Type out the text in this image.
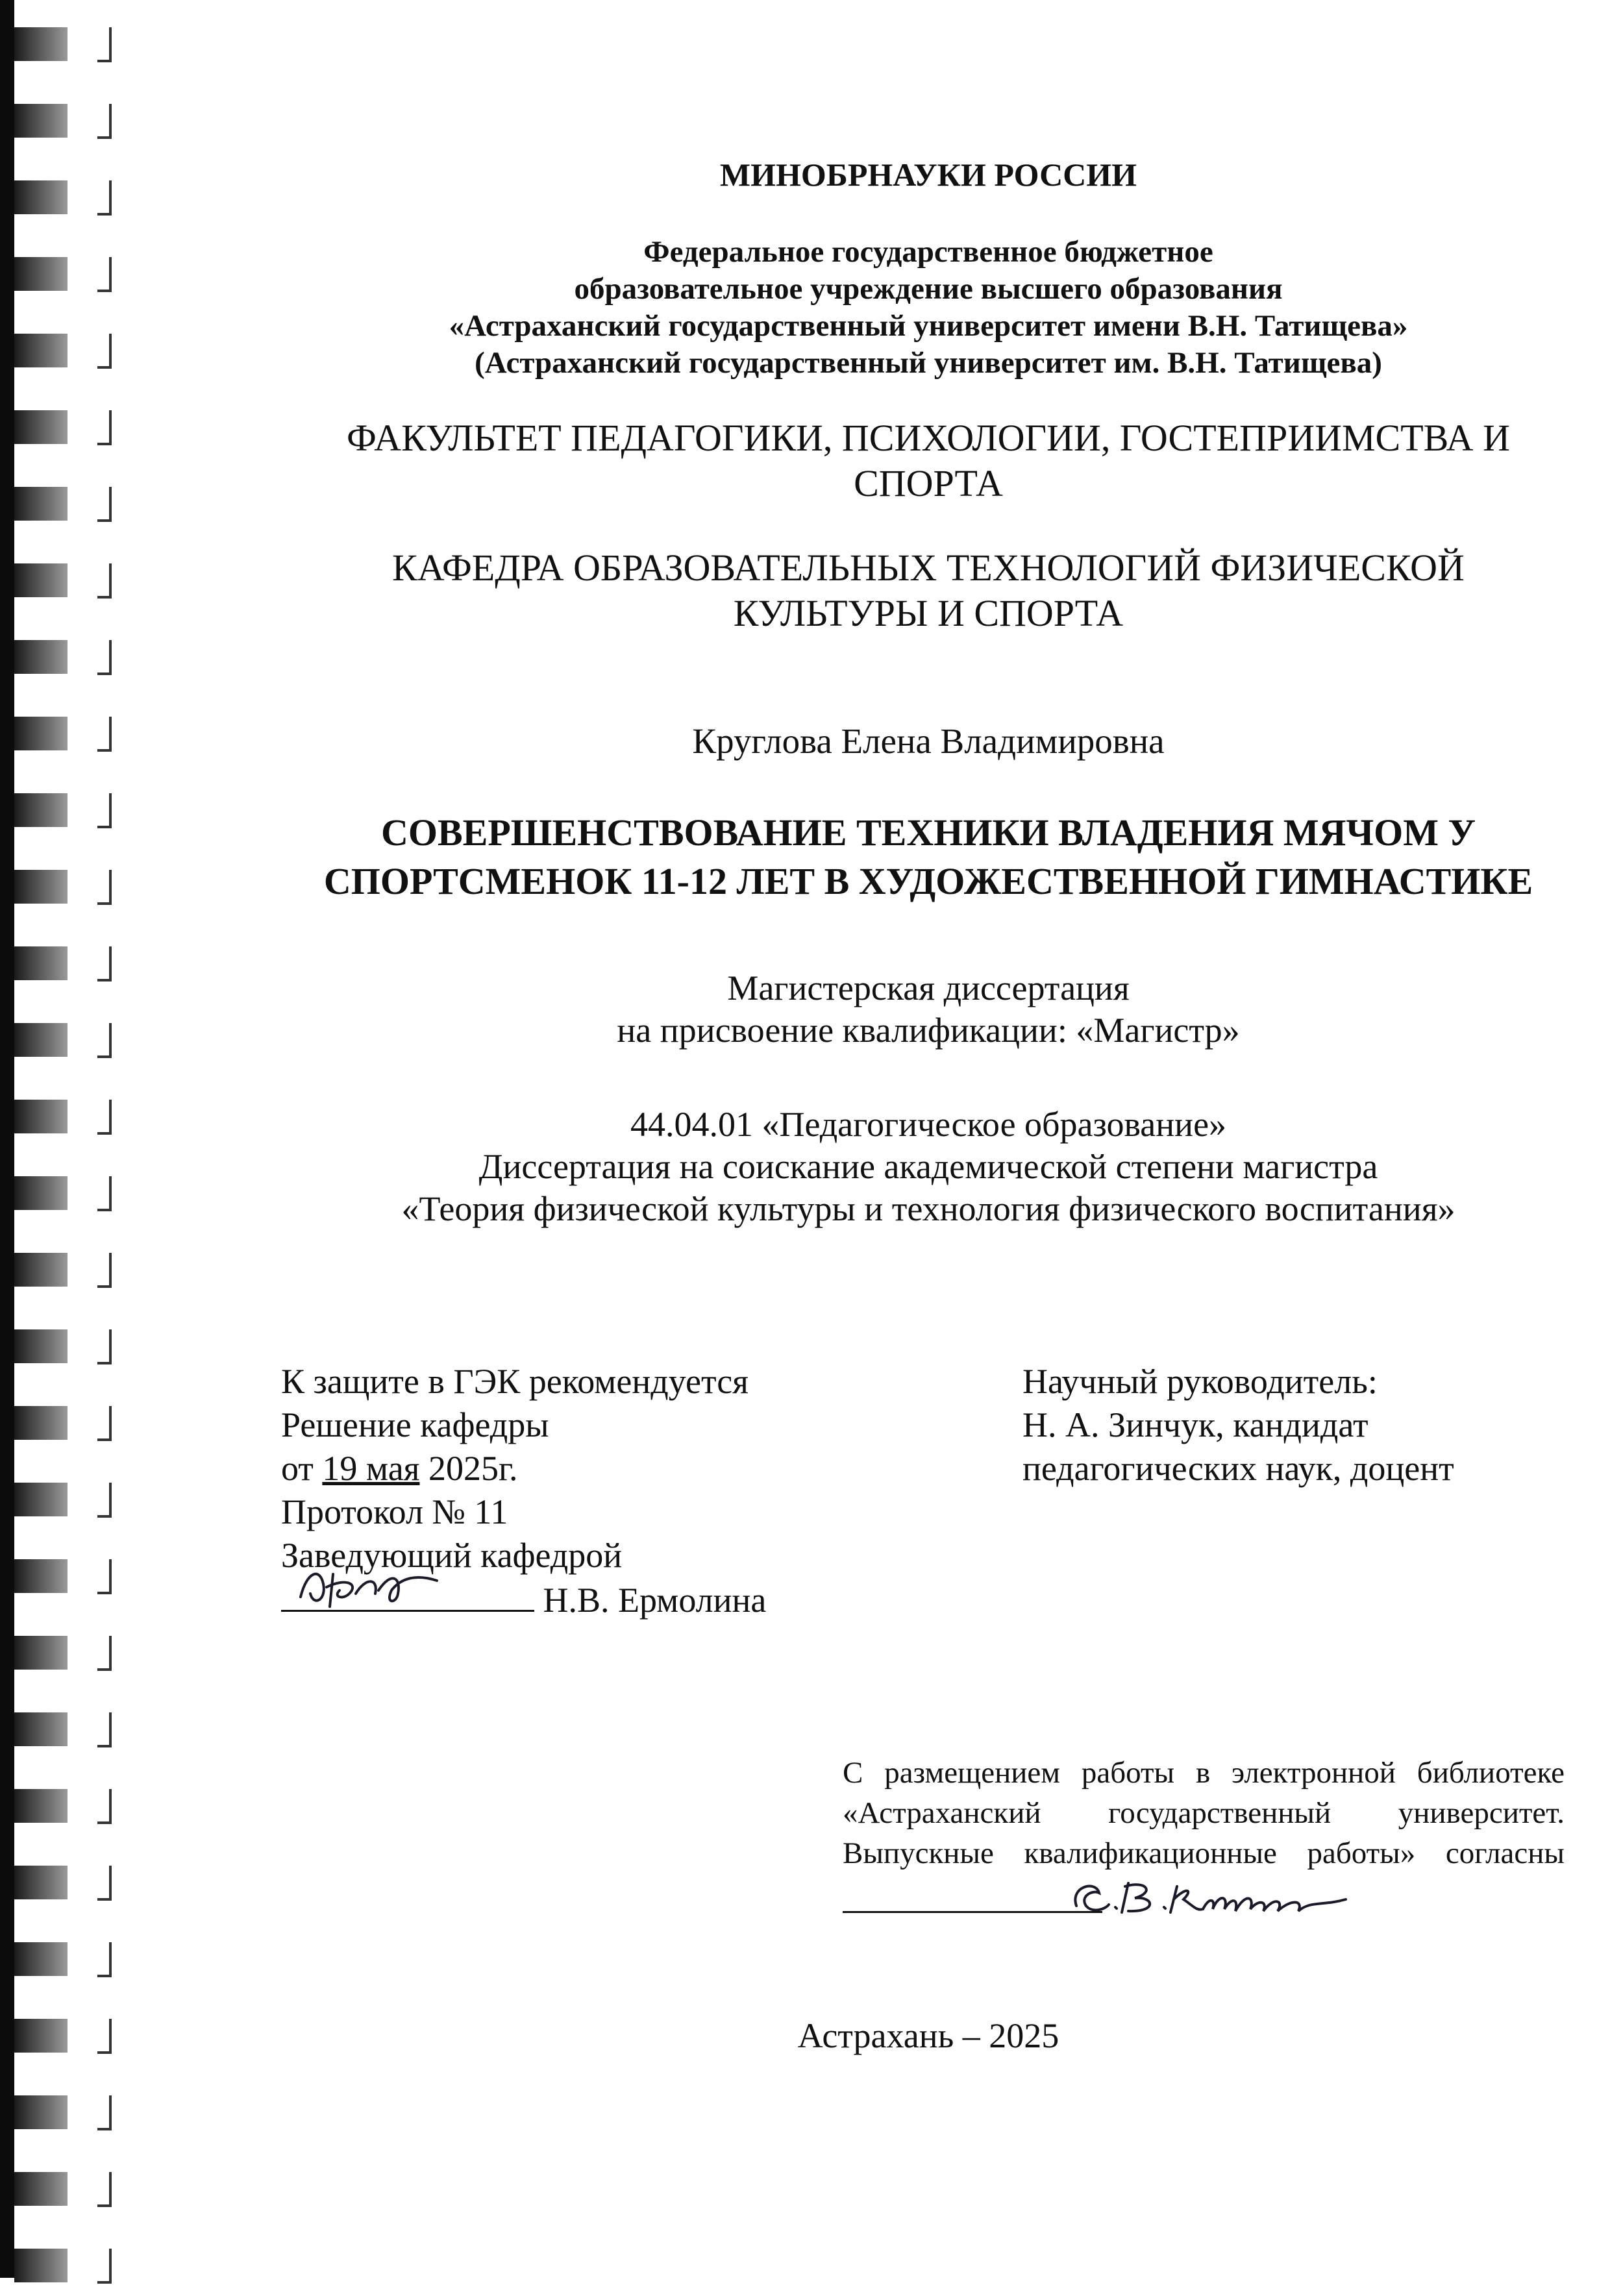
МИНОБРНАУКИ РОССИИ
Федеральное государственное бюджетное
образовательное учреждение высшего образования
«Астраханский государственный университет имени В.Н. Татищева»
(Астраханский государственный университет им. В.Н. Татищева)
ФАКУЛЬТЕТ ПЕДАГОГИКИ, ПСИХОЛОГИИ, ГОСТЕПРИИМСТВА И
СПОРТА
КАФЕДРА ОБРАЗОВАТЕЛЬНЫХ ТЕХНОЛОГИЙ ФИЗИЧЕСКОЙ
КУЛЬТУРЫ И СПОРТА
Круглова Елена Владимировна
СОВЕРШЕНСТВОВАНИЕ ТЕХНИКИ ВЛАДЕНИЯ МЯЧОМ У
СПОРТСМЕНОК 11-12 ЛЕТ В ХУДОЖЕСТВЕННОЙ ГИМНАСТИКЕ
Магистерская диссертация
на присвоение квалификации: «Магистр»
44.04.01 «Педагогическое образование»
Диссертация на соискание академической степени магистра
«Теория физической культуры и технология физического воспитания»
К защите в ГЭК рекомендуется
Решение кафедры
от 19 мая 2025г.
Протокол № 11
Заведующий кафедрой
Н.В. Ермолина
Научный руководитель:
Н. А. Зинчук, кандидат
педагогических наук, доцент
С размещением работы в электронной библиотеке
«Астраханский государственный университет.
Выпускные квалификационные работы» согласны
Астрахань – 2025
